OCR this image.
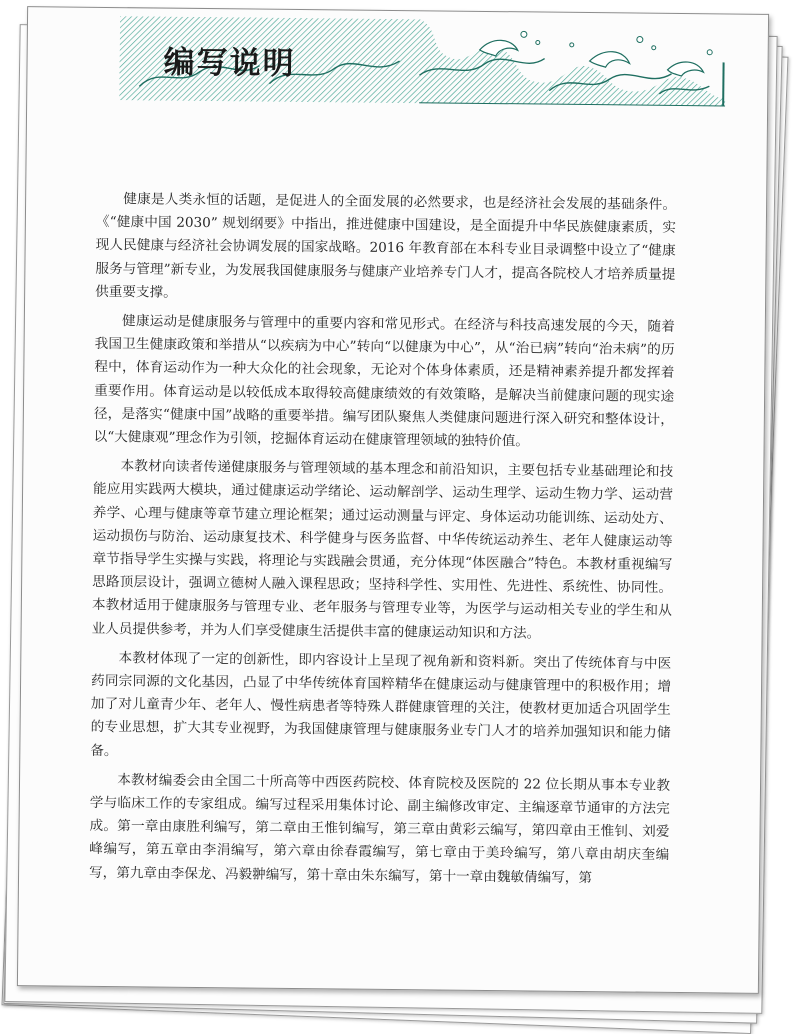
编写说明

健康是人类永恒的话题，是促进人的全面发展的必然要求，也是经济社会发展的基础条件。《“健康中国 2030” 规划纲要》中指出，推进健康中国建设，是全面提升中华民族健康素质，实现人民健康与经济社会协调发展的国家战略。2016 年教育部在本科专业目录调整中设立了“健康服务与管理”新专业，为发展我国健康服务与健康产业培养专门人才，提高各院校人才培养质量提供重要支撑。

健康运动是健康服务与管理中的重要内容和常见形式。在经济与科技高速发展的今天，随着我国卫生健康政策和举措从“以疾病为中心”转向“以健康为中心”，从“治已病”转向“治未病”的历程中，体育运动作为一种大众化的社会现象，无论对个体身体素质，还是精神素养提升都发挥着重要作用。体育运动是以较低成本取得较高健康绩效的有效策略，是解决当前健康问题的现实途径，是落实“健康中国”战略的重要举措。编写团队聚焦人类健康问题进行深入研究和整体设计，以“大健康观”理念作为引领，挖掘体育运动在健康管理领域的独特价值。

本教材向读者传递健康服务与管理领域的基本理念和前沿知识，主要包括专业基础理论和技能应用实践两大模块，通过健康运动学绪论、运动解剖学、运动生理学、运动生物力学、运动营养学、心理与健康等章节建立理论框架；通过运动测量与评定、身体运动功能训练、运动处方、运动损伤与防治、运动康复技术、科学健身与医务监督、中华传统运动养生、老年人健康运动等章节指导学生实操与实践，将理论与实践融会贯通，充分体现“体医融合”特色。本教材重视编写思路顶层设计，强调立德树人融入课程思政；坚持科学性、实用性、先进性、系统性、协同性。本教材适用于健康服务与管理专业、老年服务与管理专业等，为医学与运动相关专业的学生和从业人员提供参考，并为人们享受健康生活提供丰富的健康运动知识和方法。

本教材体现了一定的创新性，即内容设计上呈现了视角新和资料新。突出了传统体育与中医药同宗同源的文化基因，凸显了中华传统体育国粹精华在健康运动与健康管理中的积极作用；增加了对儿童青少年、老年人、慢性病患者等特殊人群健康管理的关注，使教材更加适合巩固学生的专业思想，扩大其专业视野，为我国健康管理与健康服务业专门人才的培养加强知识和能力储备。

本教材编委会由全国二十所高等中西医药院校、体育院校及医院的 22 位长期从事本专业教学与临床工作的专家组成。编写过程采用集体讨论、副主编修改审定、主编逐章节通审的方法完成。第一章由康胜利编写，第二章由王惟钊编写，第三章由黄彩云编写，第四章由王惟钊、刘爱峰编写，第五章由李涓编写，第六章由徐春霞编写，第七章由于美玲编写，第八章由胡庆奎编写，第九章由李保龙、冯毅翀编写，第十章由朱东编写，第十一章由魏敏倩编写，第
